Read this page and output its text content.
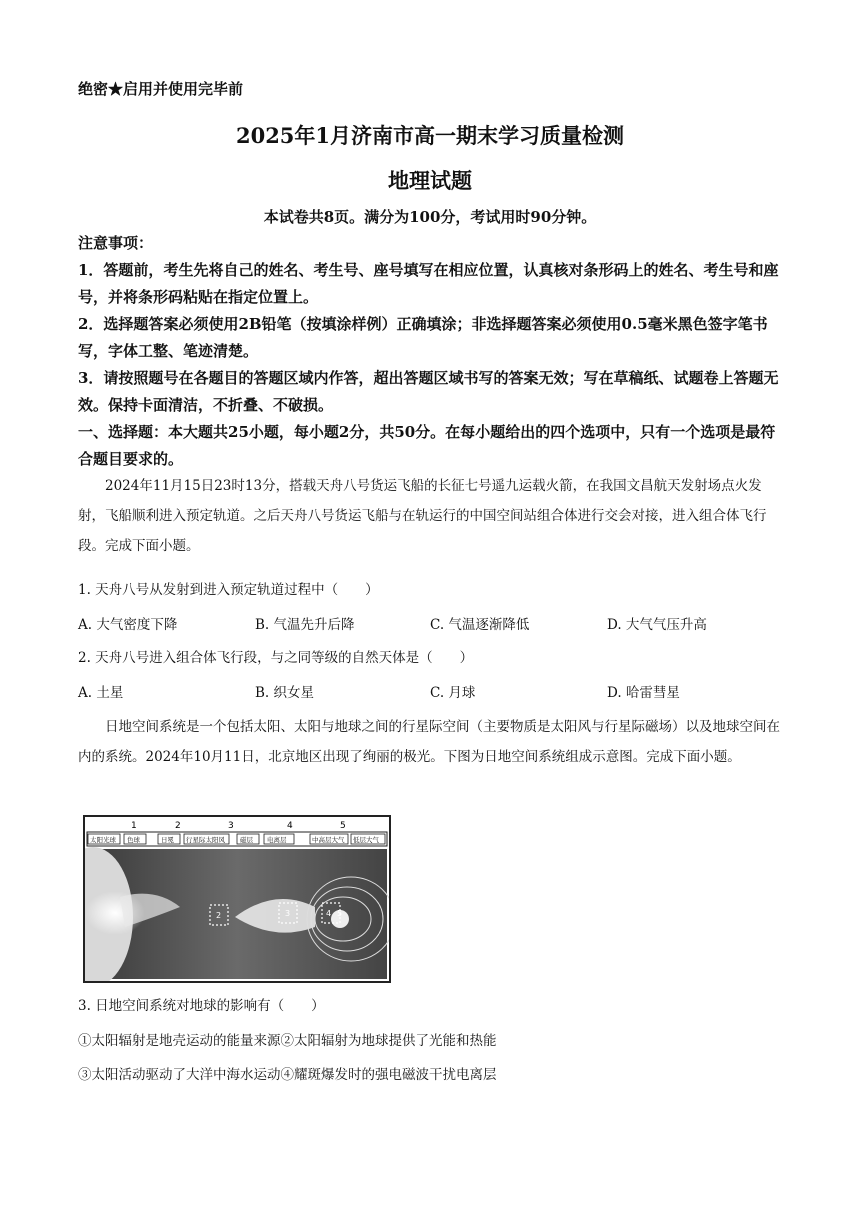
绝密★启用并使用完毕前
2025年1月济南市高一期末学习质量检测
地理试题
本试卷共8页。满分为100分，考试用时90分钟。
注意事项：
1．答题前，考生先将自己的姓名、考生号、座号填写在相应位置，认真核对条形码上的姓名、考生号和座号，并将条形码粘贴在指定位置上。
2．选择题答案必须使用2B铅笔（按填涂样例）正确填涂；非选择题答案必须使用0.5毫米黑色签字笔书写，字体工整、笔迹清楚。
3．请按照题号在各题目的答题区域内作答，超出答题区域书写的答案无效；写在草稿纸、试题卷上答题无效。保持卡面清洁，不折叠、不破损。
一、选择题：本大题共25小题，每小题2分，共50分。在每小题给出的四个选项中，只有一个选项是最符合题目要求的。
2024年11月15日23时13分，搭载天舟八号货运飞船的长征七号遥九运载火箭，在我国文昌航天发射场点火发射，飞船顺利进入预定轨道。之后天舟八号货运飞船与在轨运行的中国空间站组合体进行交会对接，进入组合体飞行段。完成下面小题。
1. 天舟八号从发射到进入预定轨道过程中（　　）
A. 大气密度下降	B. 气温先升后降	C. 气温逐渐降低	D. 大气气压升高
2. 天舟八号进入组合体飞行段，与之同等级的自然天体是（　　）
A. 土星	B. 织女星	C. 月球	D. 哈雷彗星
日地空间系统是一个包括太阳、太阳与地球之间的行星际空间（主要物质是太阳风与行星际磁场）以及地球空间在内的系统。2024年10月11日，北京地区出现了绚丽的极光。下图为日地空间系统组成示意图。完成下面小题。
1	2	3	4	5
太阳光球 色球	日冕 行星际太阳风 磁层 电离层	中高层大气 低层大气
2	3	4 5
3. 日地空间系统对地球的影响有（　　）
①太阳辐射是地壳运动的能量来源②太阳辐射为地球提供了光能和热能
③太阳活动驱动了大洋中海水运动④耀斑爆发时的强电磁波干扰电离层
